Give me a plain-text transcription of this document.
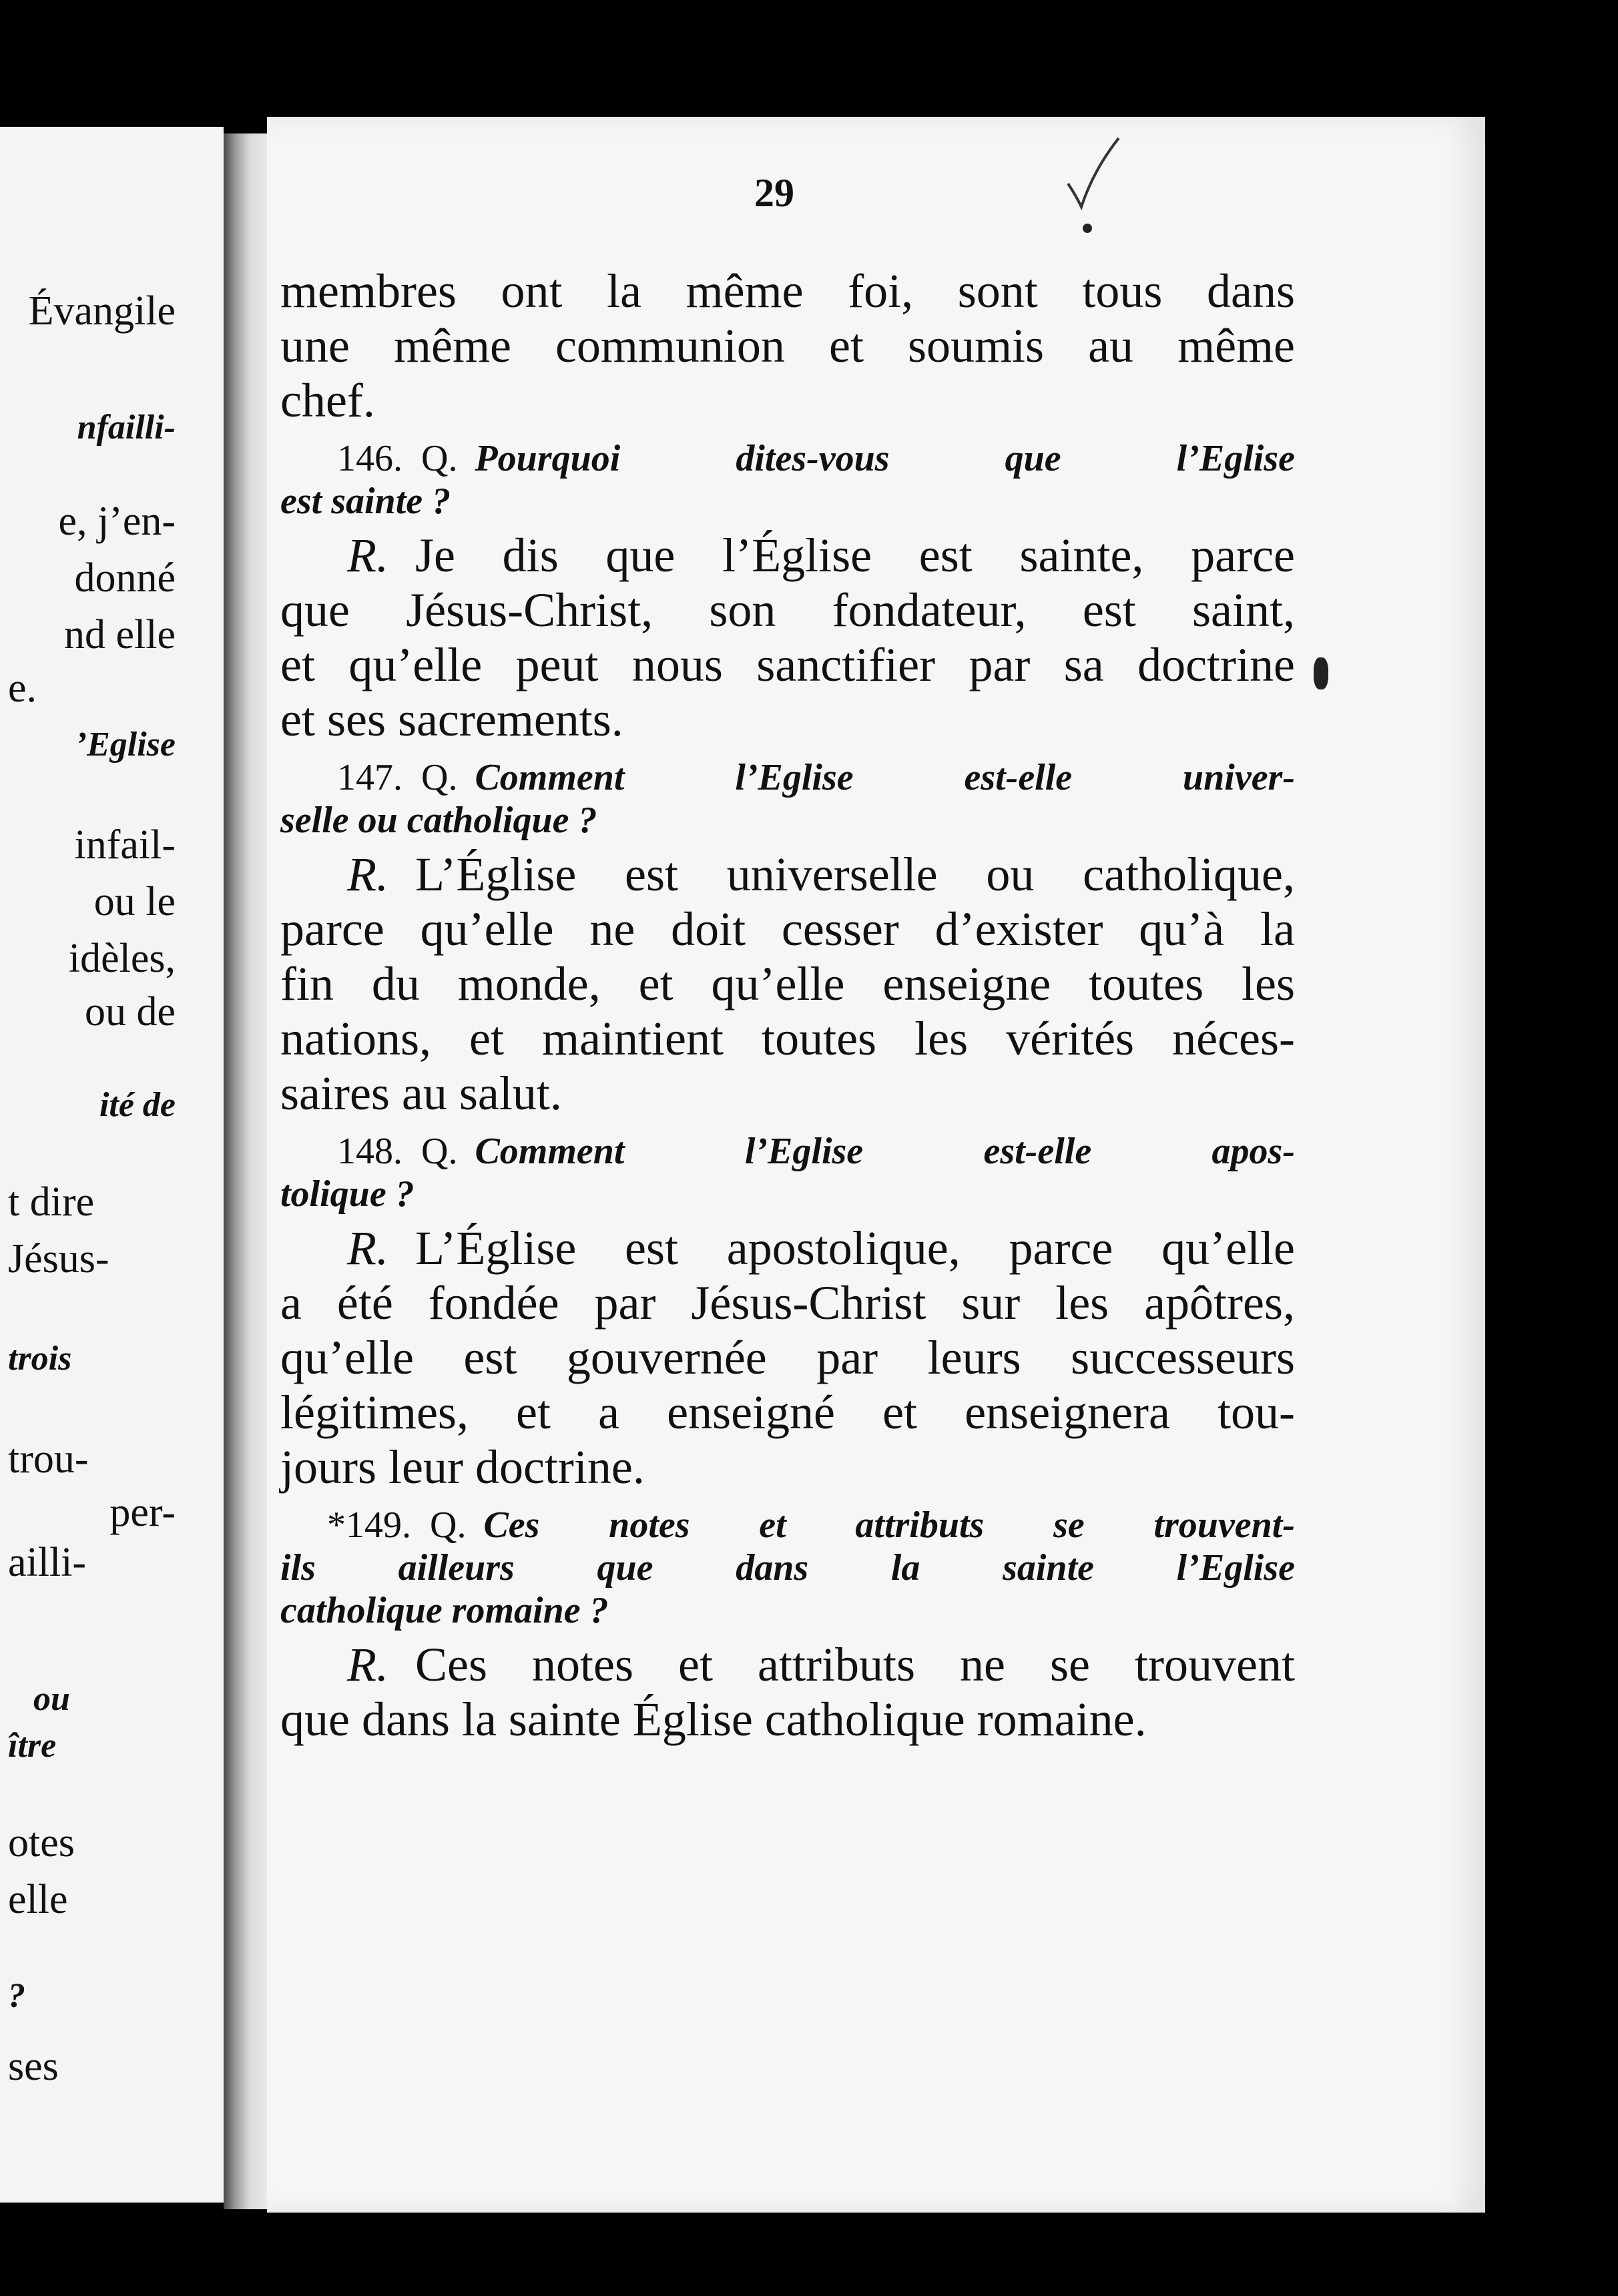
Évangile
nfailli-
e, j’en-
donné
nd elle
e.
’Eglise
infail-
ou le
idèles,
ou de
ité de
t dire
Jésus-
trois
trou-
per-
ailli-
ou
ître
otes
elle
?
ses
29

membres ont la même foi, sont tous dans

une même communion et soumis au même

chef.

146. Q. Pourquoi dites-vous que l’Eglise
est sainte ?

R. Je dis que l’Église est sainte, parce

que Jésus-Christ, son fondateur, est saint,

et qu’elle peut nous sanctifier par sa doctrine

et ses sacrements.

147. Q. Comment l’Eglise est-elle univer-
selle ou catholique ?

R. L’Église est universelle ou catholique,

parce qu’elle ne doit cesser d’exister qu’à la

fin du monde, et qu’elle enseigne toutes les

nations, et maintient toutes les vérités néces-

saires au salut.

148. Q. Comment l’Eglise est-elle apos-
tolique ?

R. L’Église est apostolique, parce qu’elle

a été fondée par Jésus-Christ sur les apôtres,

qu’elle est gouvernée par leurs successeurs

légitimes, et a enseigné et enseignera tou-

jours leur doctrine.

*149. Q. Ces notes et attributs se trouvent-
ils ailleurs que dans la sainte l’Eglise
catholique romaine ?

R. Ces notes et attributs ne se trouvent

que dans la sainte Église catholique romaine.
